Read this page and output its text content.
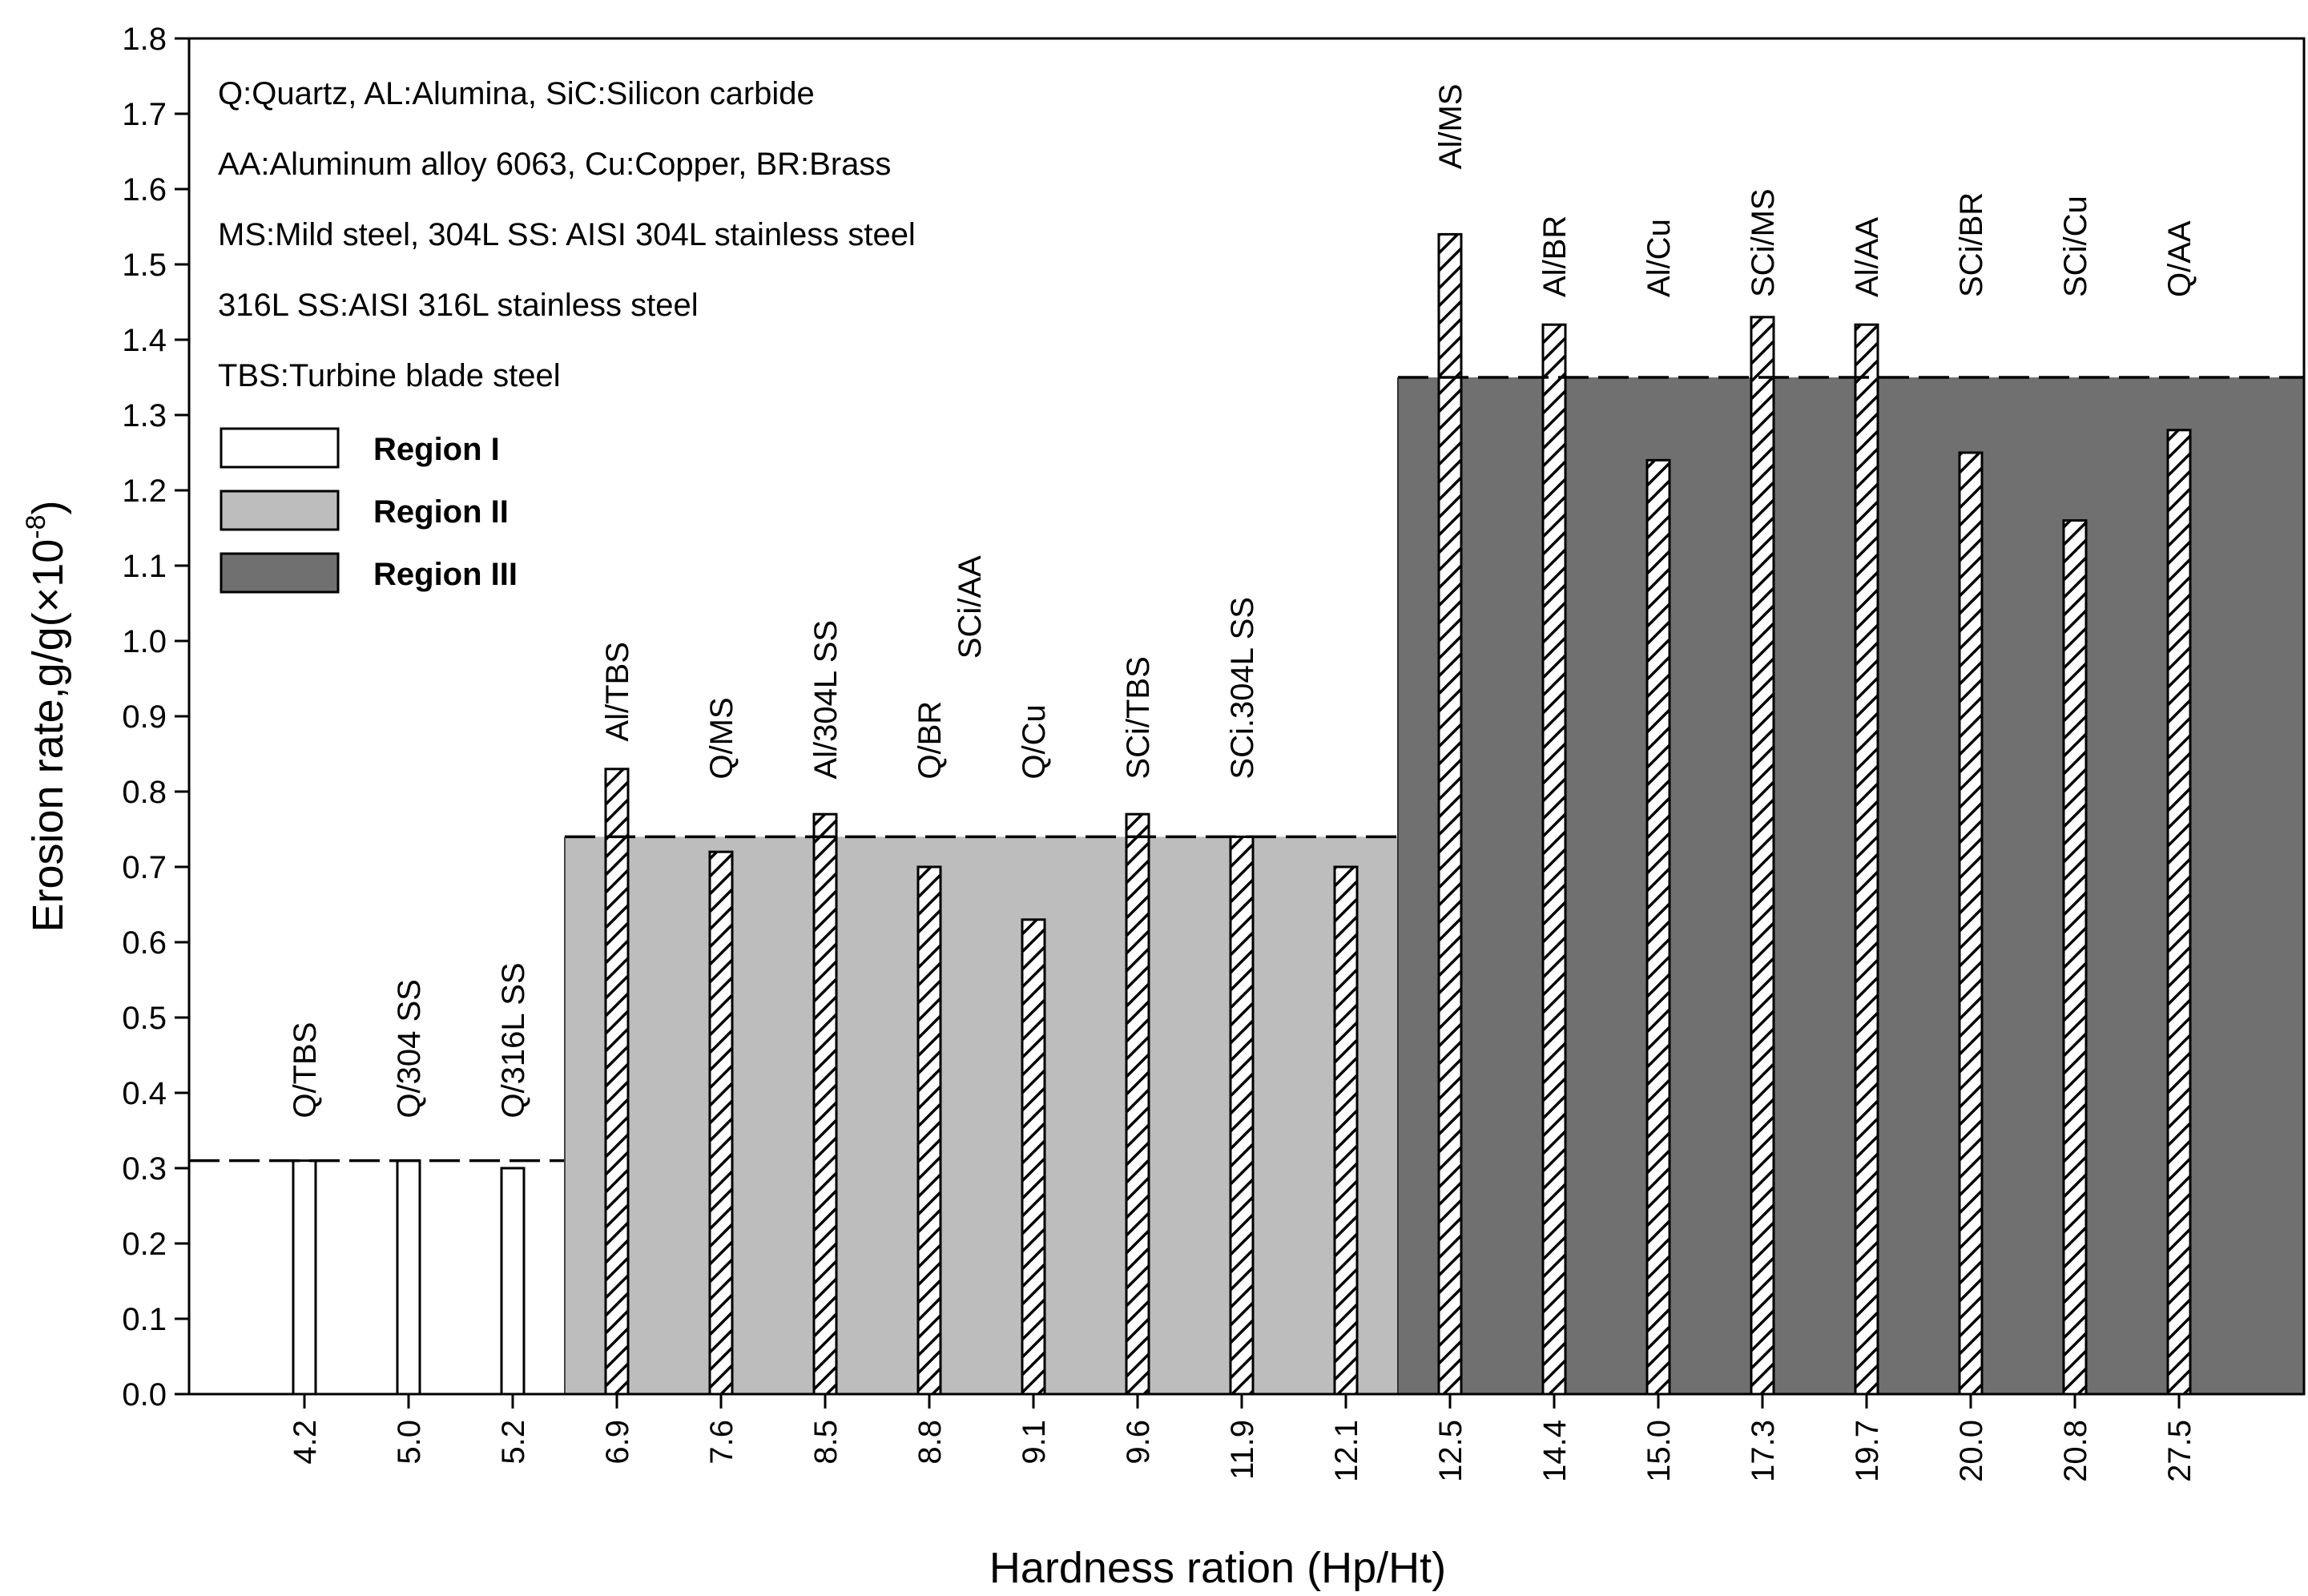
0.0
0.1
0.2
0.3
0.4
0.5
0.6
0.7
0.8
0.9
1.0
1.1
1.2
1.3
1.4
1.5
1.6
1.7
1.8
4.2 5.0 5.2 6.9 7.6 8.5 8.8 9.1 9.6 11.9 12.1 12.5 14.4 15.0 17.3 19.7 20.0 20.8 27.5
Q/TBS Q/304 SS Q/316L SS
Al/TBS Q/MS Al/304L SS Q/BR Q/Cu SCi/TBS SCi.304L SS
Al/MS
Al/BR Al/Cu SCi/MS Al/AA SCi/BR SCi/Cu Q/AA
SCi/AA
Q:Quartz, AL:Alumina, SiC:Silicon carbide
AA:Aluminum alloy 6063, Cu:Copper, BR:Brass
MS:Mild steel, 304L SS: AISI 304L stainless steel
316L SS:AISI 316L stainless steel
TBS:Turbine blade steel
Region I
Region II
Region III
Hardness ration (Hp/Ht)
Erosion $rate,g/g(\times 10^{-8})$
